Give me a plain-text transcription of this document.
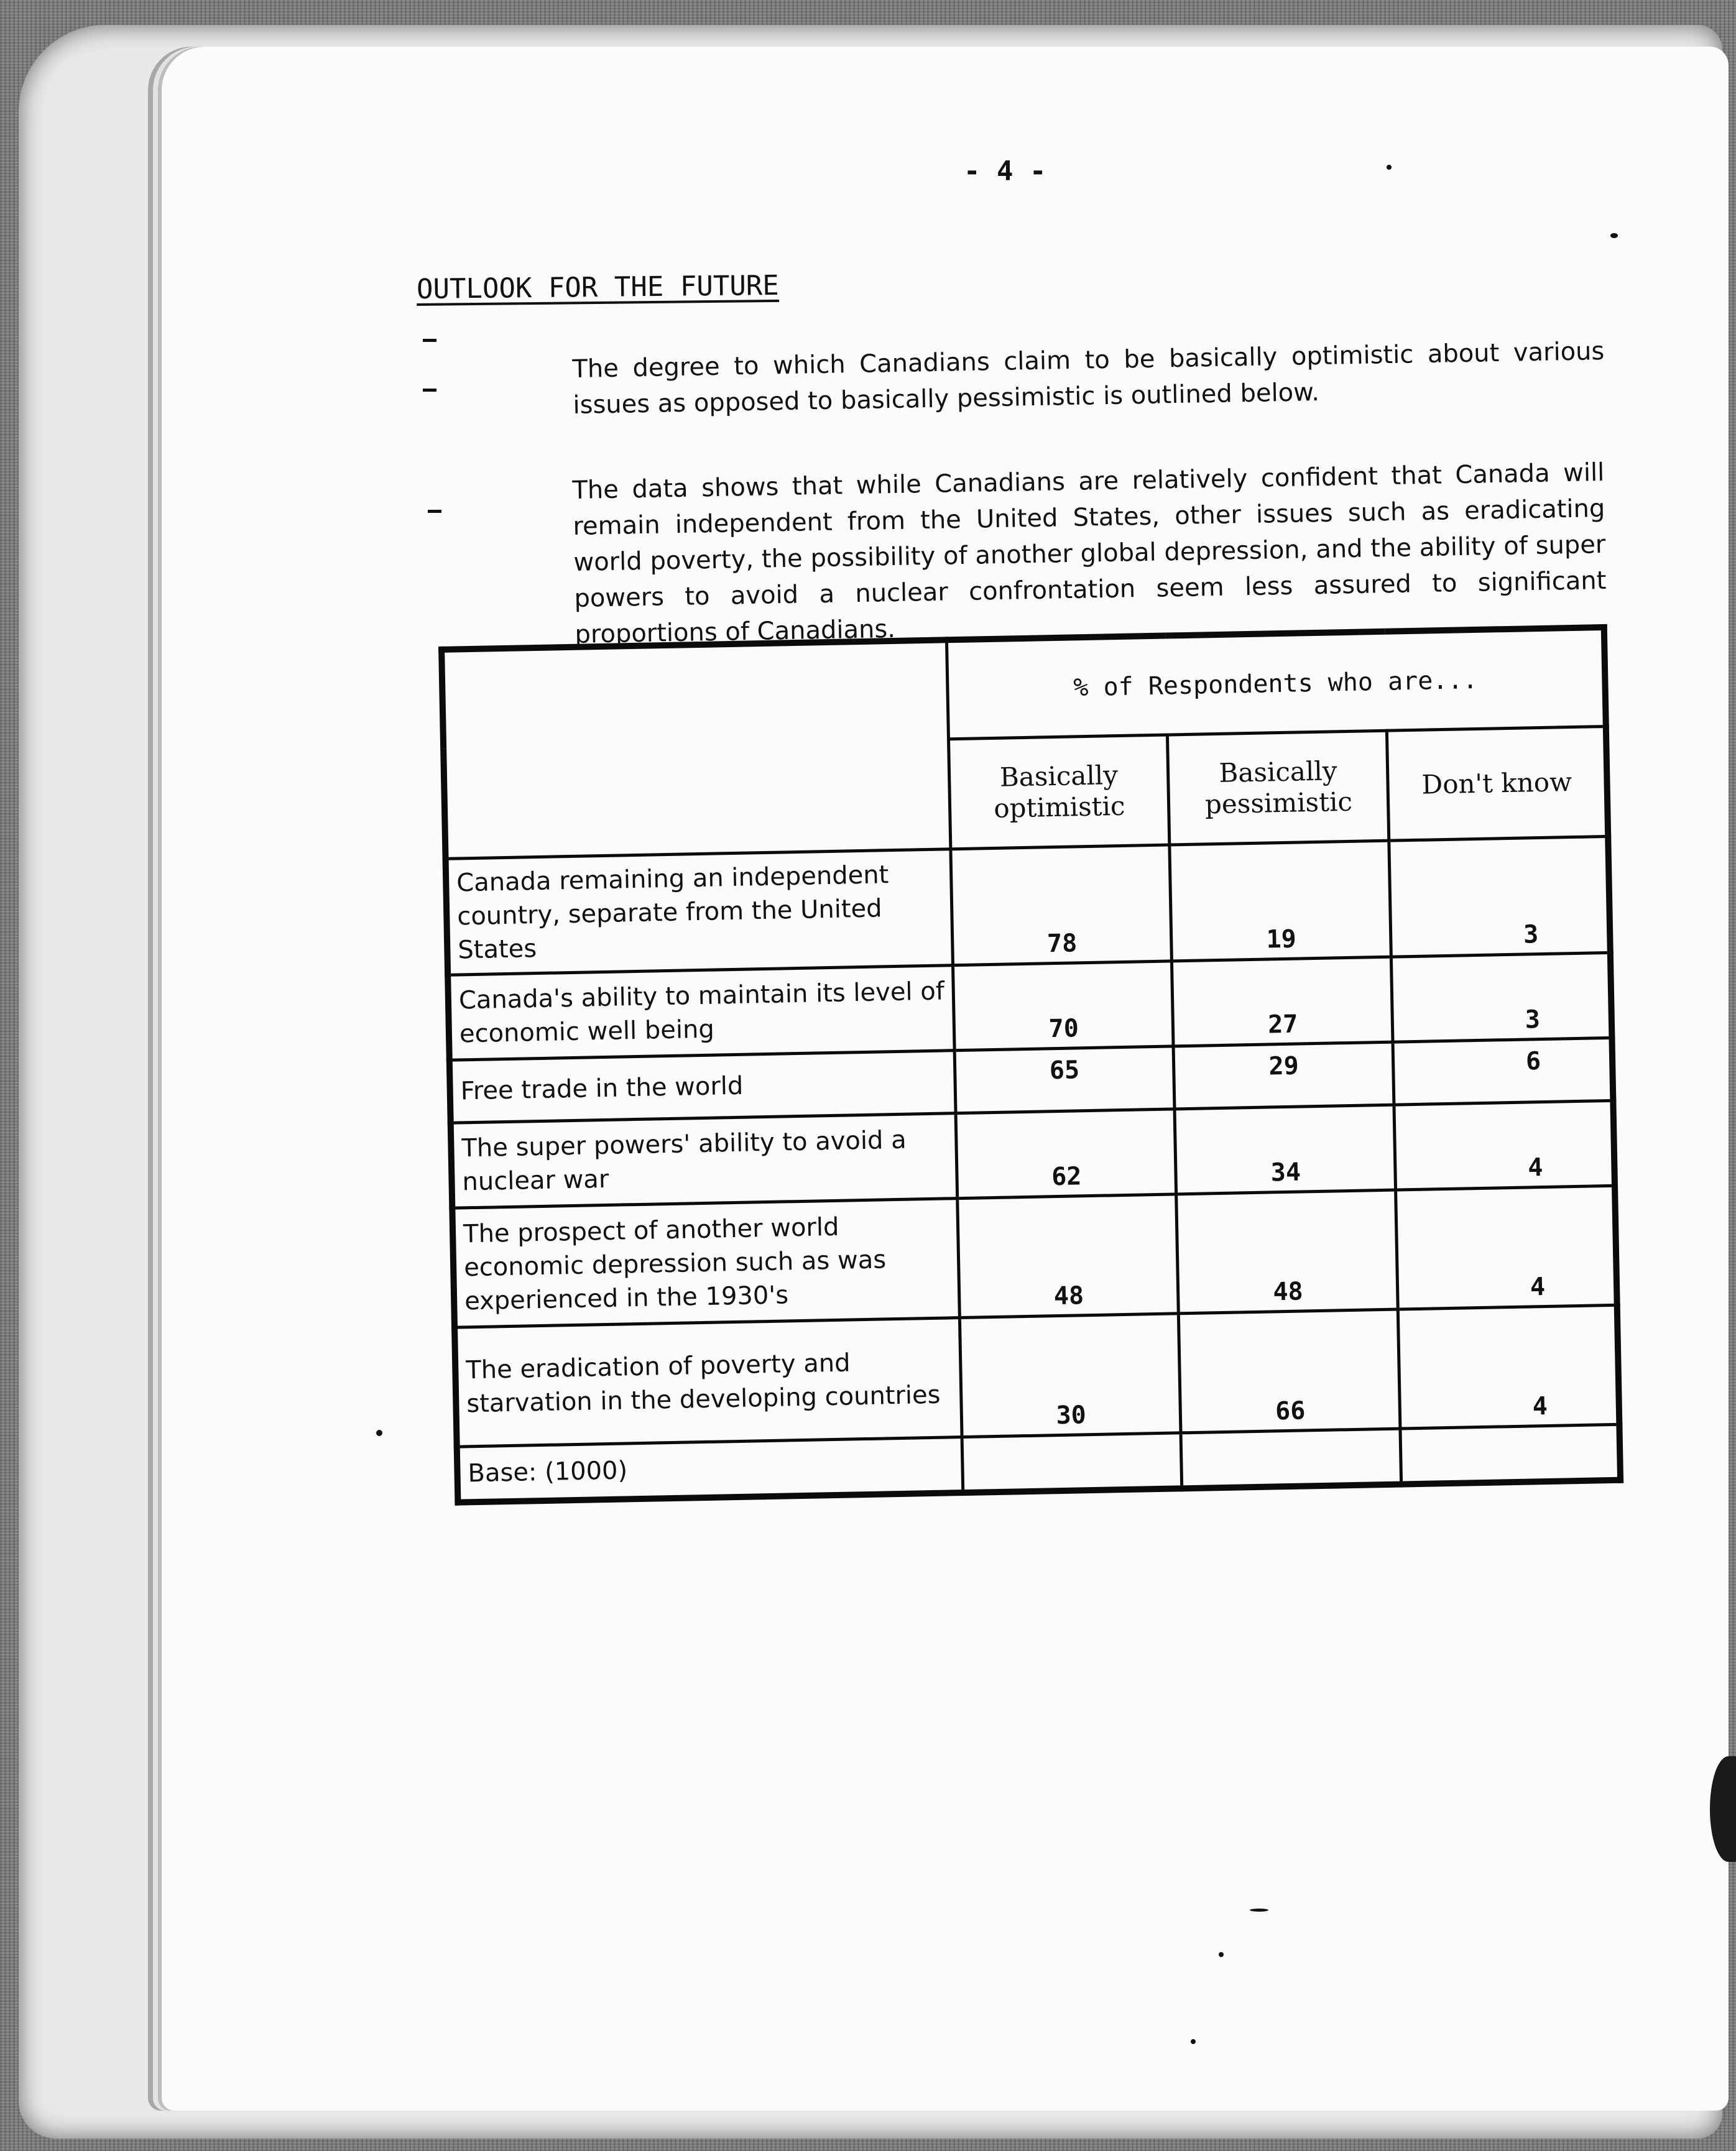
- 4 -
OUTLOOK FOR THE FUTURE
The degree to which Canadians claim to be basically optimistic about various issues as opposed to basically pessimistic is outlined below.
The data shows that while Canadians are relatively confident that Canada will remain independent from the United States, other issues such as eradicating world poverty, the possibility of another global depression, and the ability of super powers to avoid a nuclear confrontation seem less assured to significant proportions of Canadians.
	% of Respondents who are...		
	Basically optimistic	Basically pessimistic	Don't know
Canada remaining an independent country, separate from the United States	78	19	3
Canada's ability to maintain its level of economic well being	70	27	3
Free trade in the world	65	29	6
The super powers' ability to avoid a nuclear war	62	34	4
The prospect of another world economic depression such as was experienced in the 1930's	48	48	4
The eradication of poverty and starvation in the developing countries	30	66	4
Base: (1000)			
